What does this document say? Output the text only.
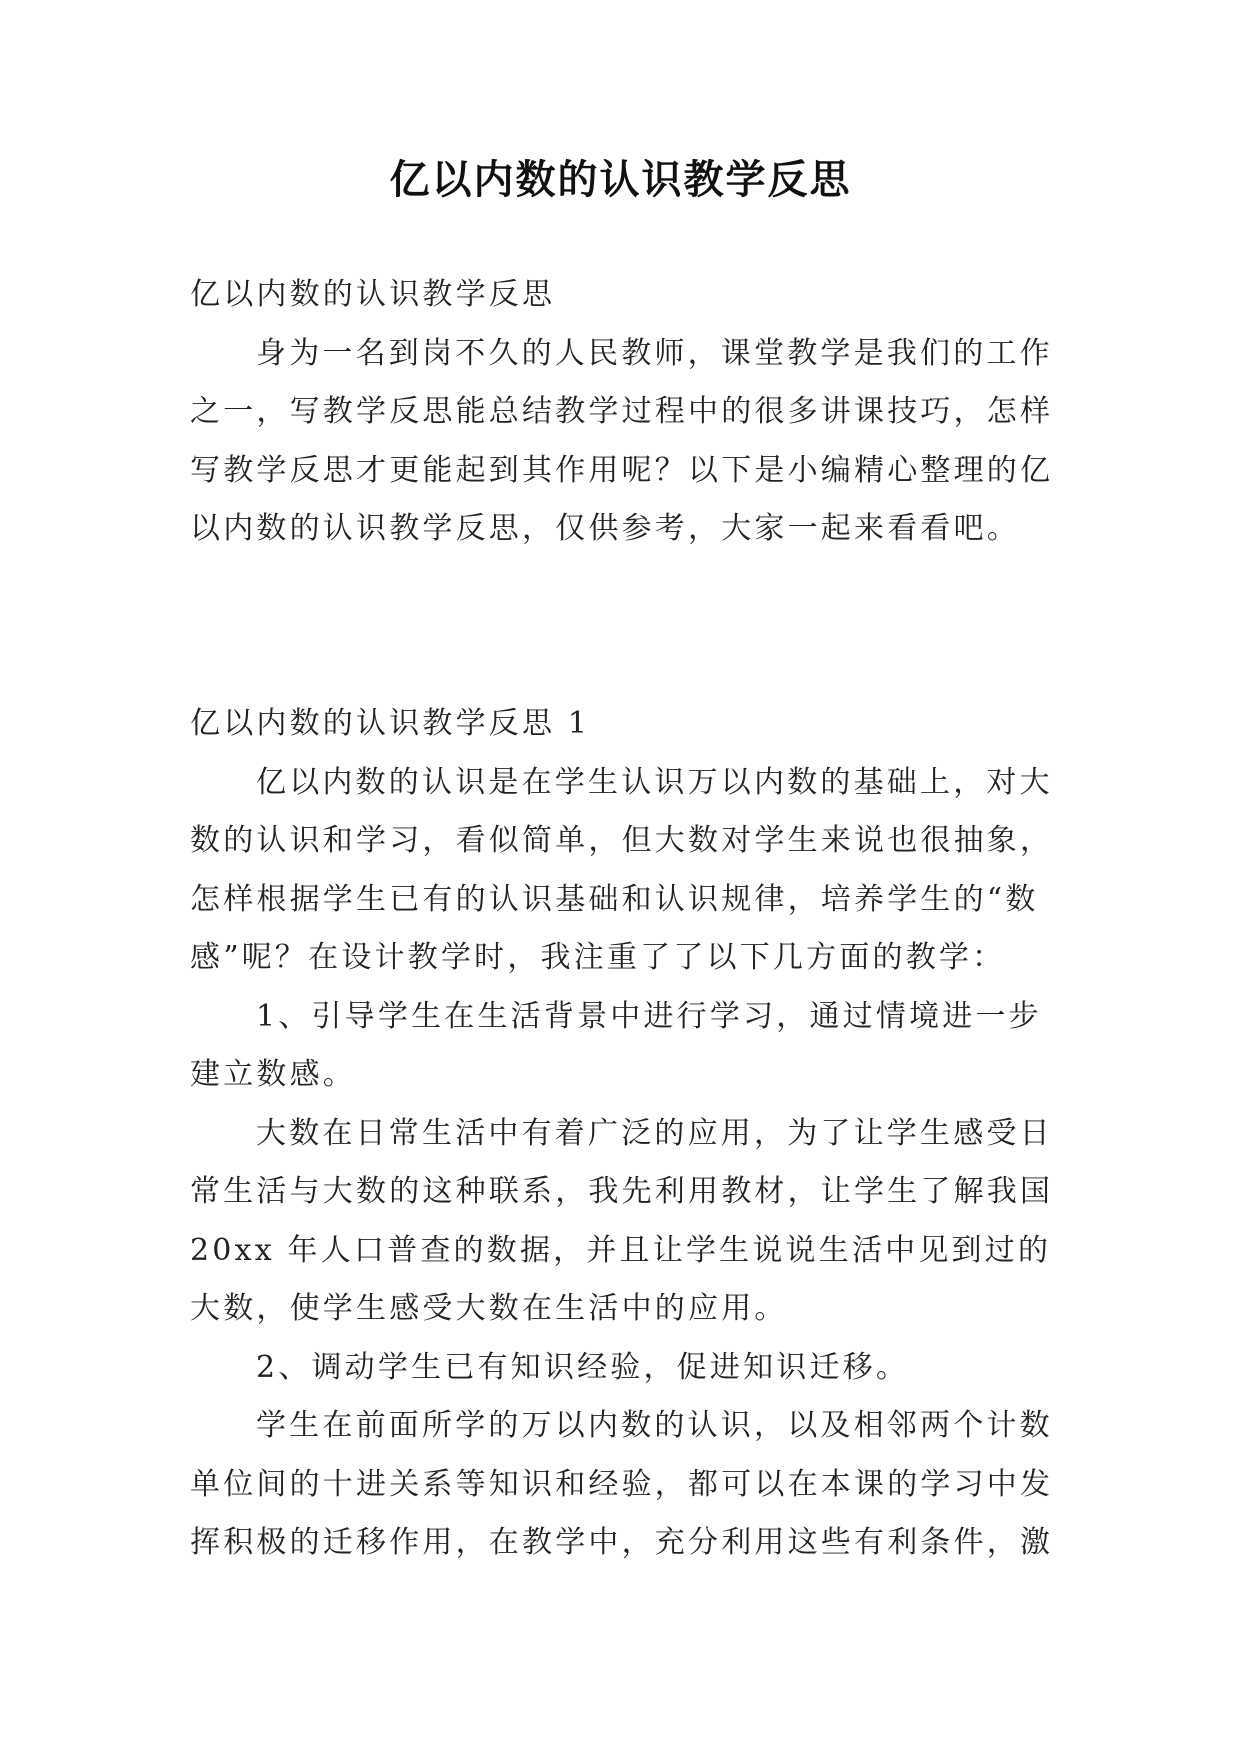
亿以内数的认识教学反思

亿以内数的认识教学反思

身为一名到岗不久的人民教师，课堂教学是我们的工作之一，写教学反思能总结教学过程中的很多讲课技巧，怎样写教学反思才更能起到其作用呢？以下是小编精心整理的亿以内数的认识教学反思，仅供参考，大家一起来看看吧。

亿以内数的认识教学反思 1

亿以内数的认识是在学生认识万以内数的基础上，对大数的认识和学习，看似简单，但大数对学生来说也很抽象，怎样根据学生已有的认识基础和认识规律，培养学生的“数感”呢？在设计教学时，我注重了了以下几方面的教学：

1、引导学生在生活背景中进行学习，通过情境进一步建立数感。

大数在日常生活中有着广泛的应用，为了让学生感受日常生活与大数的这种联系，我先利用教材，让学生了解我国 20xx 年人口普查的数据，并且让学生说说生活中见到过的大数，使学生感受大数在生活中的应用。

2、调动学生已有知识经验，促进知识迁移。

学生在前面所学的万以内数的认识，以及相邻两个计数单位间的十进关系等知识和经验，都可以在本课的学习中发挥积极的迁移作用，在教学中，充分利用这些有利条件，激
